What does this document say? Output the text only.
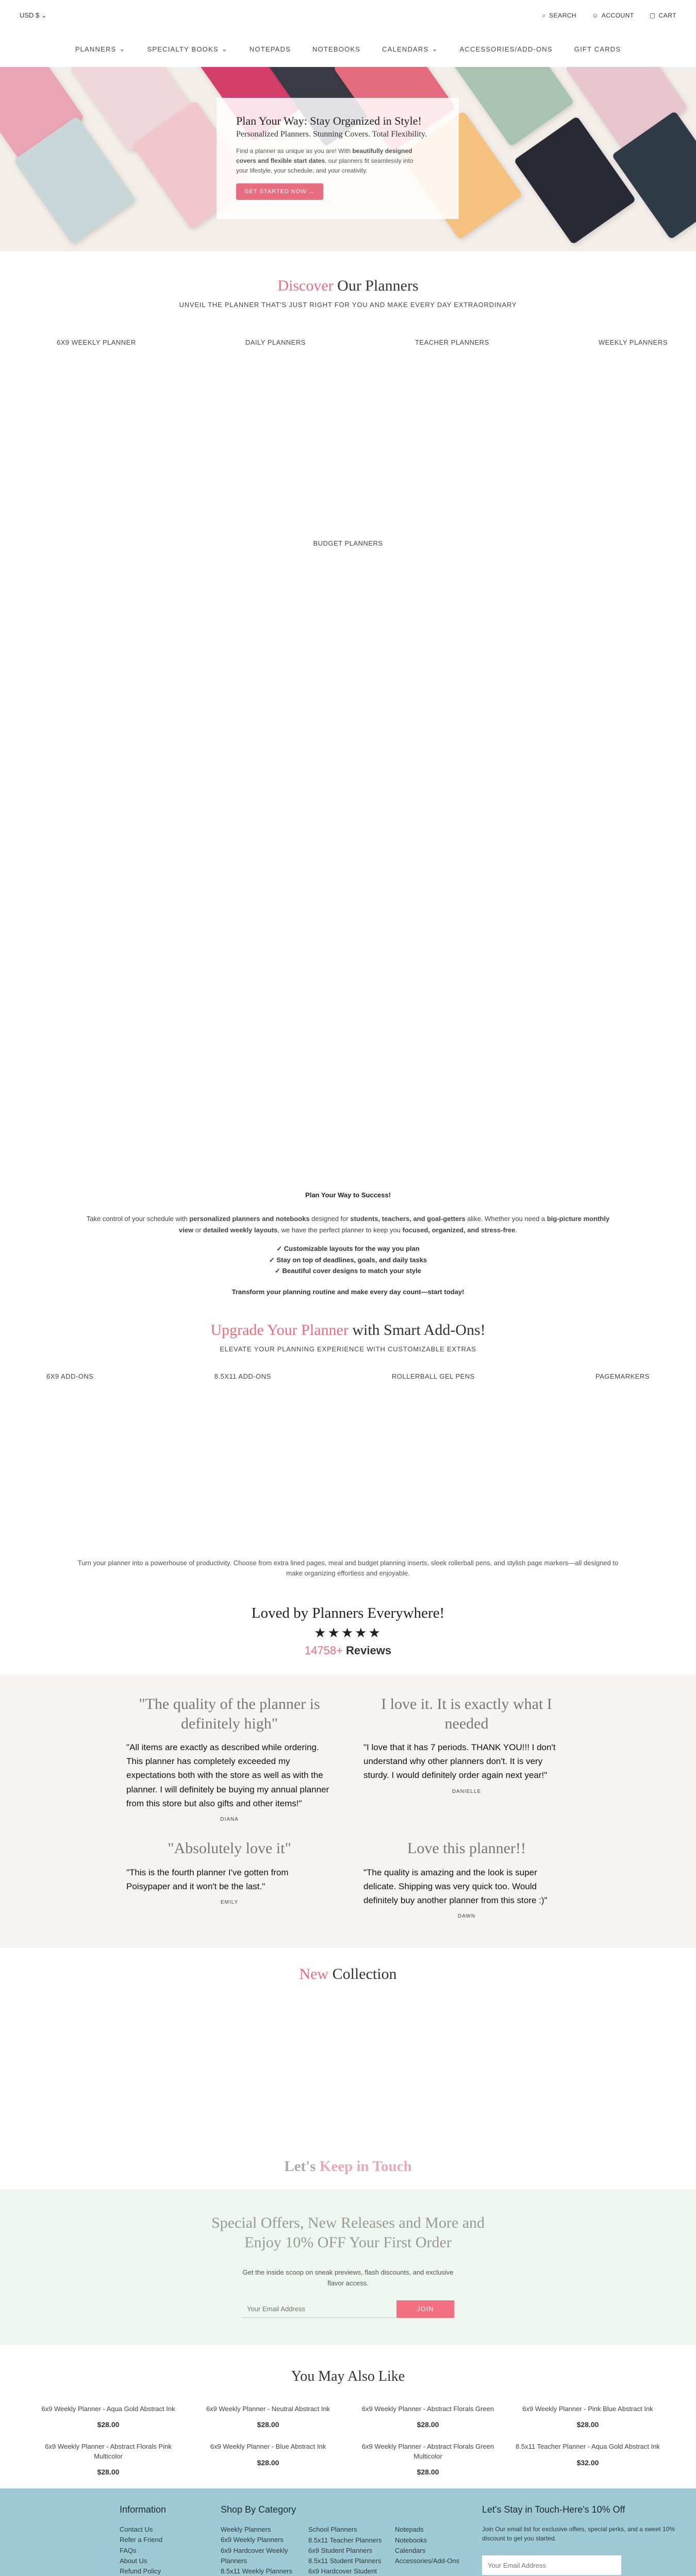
USD $ ⌄	⌕ SEARCH	☺ ACCOUNT	▢ CART
PLANNERS ⌄	SPECIALTY BOOKS ⌄	NOTEPADS	NOTEBOOKS	CALENDARS ⌄	ACCESSORIES/ADD-ONS	GIFT CARDS
Plan Your Way: Stay Organized in Style!
Personalized Planners. Stunning Covers. Total Flexibility.

Find a planner as unique as you are! With beautifully designed covers and flexible start dates, our planners fit seamlessly into your lifestyle, your schedule, and your creativity.

GET STARTED NOW →
Discover Our Planners
UNVEIL THE PLANNER THAT'S JUST RIGHT FOR YOU AND MAKE EVERY DAY EXTRAORDINARY
6X9 WEEKLY PLANNER	DAILY PLANNERS	TEACHER PLANNERS	WEEKLY PLANNERS
BUDGET PLANNERS
Plan Your Way to Success!

Take control of your schedule with personalized planners and notebooks designed for students, teachers, and goal-getters alike. Whether you need a big-picture monthly view or detailed weekly layouts, we have the perfect planner to keep you focused, organized, and stress-free.

✓ Customizable layouts for the way you plan
✓ Stay on top of deadlines, goals, and daily tasks
✓ Beautiful cover designs to match your style
Transform your planning routine and make every day count—start today!
Upgrade Your Planner with Smart Add-Ons!
ELEVATE YOUR PLANNING EXPERIENCE WITH CUSTOMIZABLE EXTRAS
6X9 ADD-ONS	8.5X11 ADD-ONS	ROLLERBALL GEL PENS	PAGEMARKERS

Turn your planner into a powerhouse of productivity. Choose from extra lined pages, meal and budget planning inserts, sleek rollerball pens, and stylish page markers—all designed to make organizing effortless and enjoyable.

Loved by Planners Everywhere!
★★★★★
14758+ Reviews
"The quality of the planner is definitely high"

"All items are exactly as described while ordering. This planner has completely exceeded my expectations both with the store as well as with the planner. I will definitely be buying my annual planner from this store but also gifts and other items!"

DIANA
I love it. It is exactly what I needed

"I love that it has 7 periods. THANK YOU!!! I don't understand why other planners don't. It is very sturdy. I would definitely order again next year!"

DANIELLE
"Absolutely love it"

"This is the fourth planner I've gotten from Poisypaper and it won't be the last."

EMILY
Love this planner!!

"The quality is amazing and the look is super delicate. Shipping was very quick too. Would definitely buy another planner from this store :)"

DAWN
New Collection
Let's Keep in Touch
Special Offers, New Releases and More and Enjoy 10% OFF Your First Order

Get the inside scoop on sneak previews, flash discounts, and exclusive flavor access.

Your Email Address
JOIN
You May Also Like
6x9 Weekly Planner - Aqua Gold Abstract Ink
$28.00
6x9 Weekly Planner - Neutral Abstract Ink
$28.00
6x9 Weekly Planner - Abstract Florals Green
$28.00
6x9 Weekly Planner - Pink Blue Abstract Ink
$28.00
6x9 Weekly Planner - Abstract Florals Pink Multicolor
$28.00
6x9 Weekly Planner - Blue Abstract Ink
$28.00
6x9 Weekly Planner - Abstract Florals Green Multicolor
$28.00
8.5x11 Teacher Planner - Aqua Gold Abstract Ink
$32.00
Information
Contact Us
Refer a Friend
FAQs
About Us
Refund Policy
Shop By Category
Weekly Planners
6x9 Weekly Planners
6x9 Hardcover Weekly Planners
8.5x11 Weekly Planners
School Planners
8.5x11 Teacher Planners
6x9 Student Planners
8.5x11 Student Planners
6x9 Hardcover Student
Notepads
Notebooks
Calendars
Accessories/Add-Ons
Let's Stay in Touch-Here's 10% Off

Join Our email list for exclusive offers, special perks, and a sweet 10% discount to get you started.

Your Email Address
